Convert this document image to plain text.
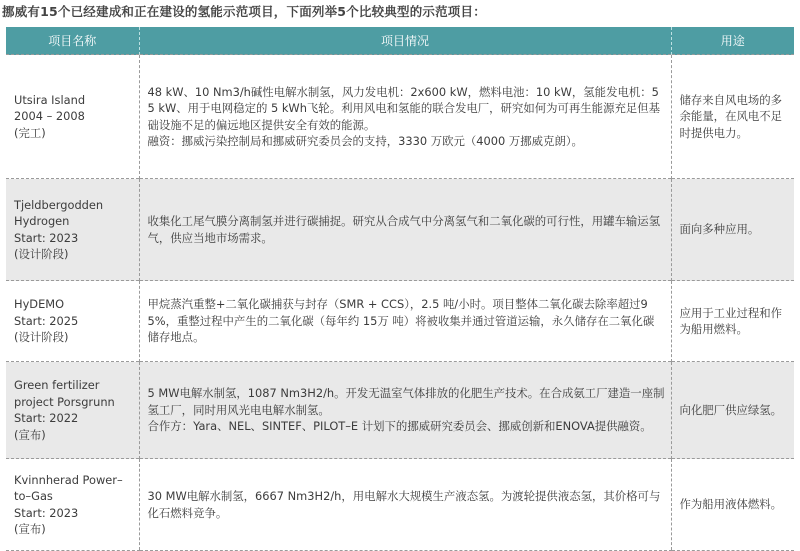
挪威有15个已经建成和正在建设的氢能示范项目，下面列举5个比较典型的示范项目：
项目名称	项目情况	用途

Utsira Island
2004 – 2008
(完工)	48 kW、10 Nm3/h碱性电解水制氢，风力发电机：2x600 kW，燃料电池：10 kW，氢能发电机：55 kW、用于电网稳定的 5 kWh飞轮。利用风电和氢能的联合发电厂，研究如何为可再生能源充足但基础设施不足的偏远地区提供安全有效的能源。
融资：挪威污染控制局和挪威研究委员会的支持，3330 万欧元（4000 万挪威克朗）。	储存来自风电场的多余能量，在风电不足时提供电力。

Tjeldbergodden
Hydrogen
Start: 2023
(设计阶段)	收集化工尾气膜分离制氢并进行碳捕捉。研究从合成气中分离氢气和二氧化碳的可行性，用罐车输运氢气，供应当地市场需求。	面向多种应用。

HyDEMO
Start: 2025
(设计阶段)	甲烷蒸汽重整+二氧化碳捕获与封存（SMR + CCS），2.5 吨/小时。项目整体二氧化碳去除率超过95%，重整过程中产生的二氧化碳（每年约 15万 吨）将被收集并通过管道运输，永久储存在二氧化碳储存地点。	应用于工业过程和作为船用燃料。

Green fertilizer
project Porsgrunn
Start: 2022
(宣布)	5 MW电解水制氢，1087 Nm3H2/h。开发无温室气体排放的化肥生产技术。在合成氨工厂建造一座制氢工厂，同时用风光电电解水制氢。
合作方：Yara、NEL、SINTEF、PILOT–E 计划下的挪威研究委员会、挪威创新和ENOVA提供融资。	向化肥厂供应绿氢。

Kvinnherad Power–
to–Gas
Start: 2023
(宣布)	30 MW电解水制氢，6667 Nm3H2/h，用电解水大规模生产液态氢。为渡轮提供液态氢，其价格可与化石燃料竞争。	作为船用液体燃料。
